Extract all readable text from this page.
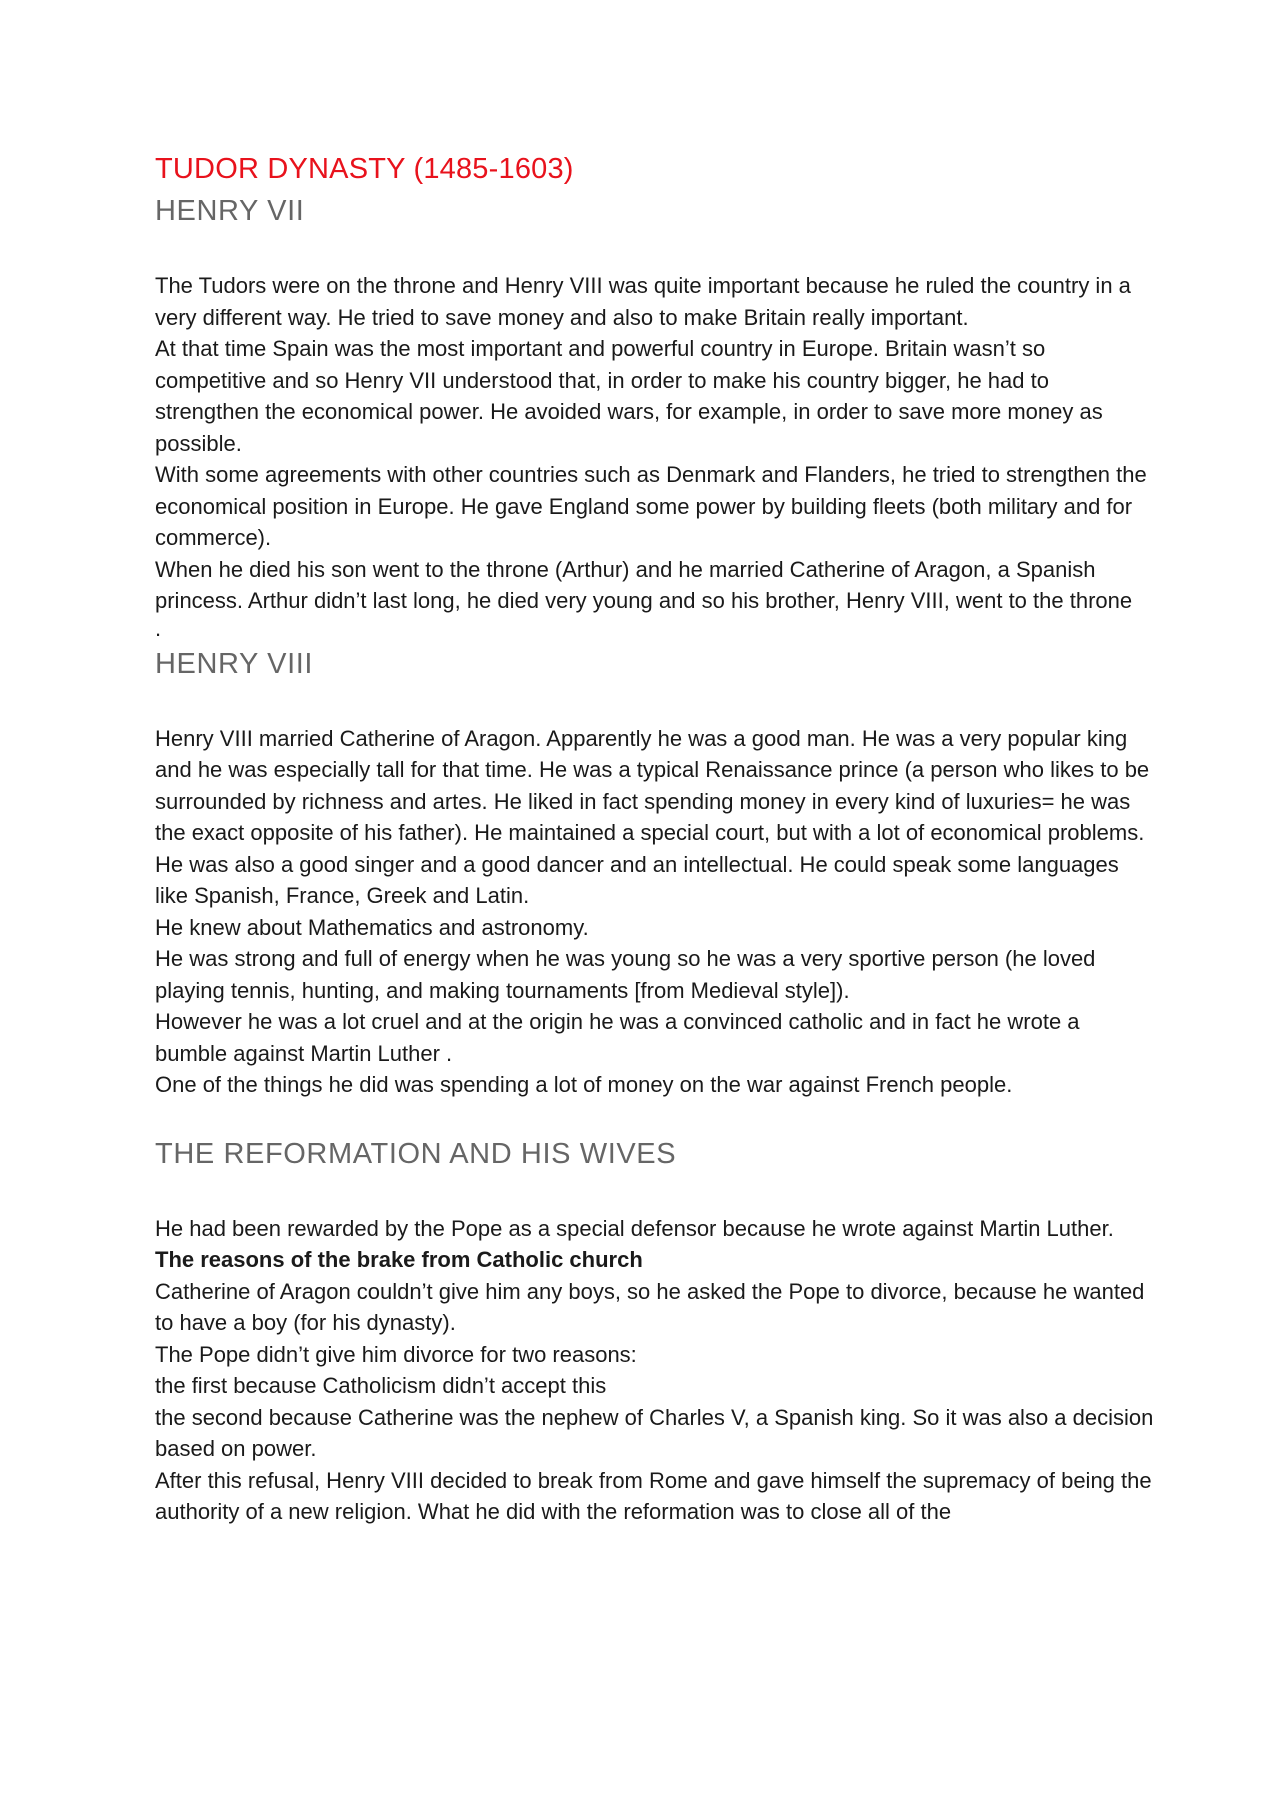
TUDOR DYNASTY (1485-1603)
HENRY VII

The Tudors were on the throne and Henry VIII was quite important because he ruled the country in a very different way. He tried to save money and also to make Britain really important.

At that time Spain was the most important and powerful country in Europe. Britain wasn’t so competitive and so Henry VII understood that, in order to make his country bigger, he had to strengthen the economical power. He avoided wars, for example, in order to save more money as possible.

With some agreements with other countries such as Denmark and Flanders, he tried to strengthen the economical position in Europe. He gave England some power by building fleets (both military and for commerce).

When he died his son went to the throne (Arthur) and he married Catherine of Aragon, a Spanish princess. Arthur didn’t last long, he died very young and so his brother, Henry VIII, went to the throne

.

HENRY VIII

Henry VIII married Catherine of Aragon. Apparently he was a good man. He was a very popular king and he was especially tall for that time. He was a typical Renaissance prince (a person who likes to be surrounded by richness and artes. He liked in fact spending money in every kind of luxuries= he was the exact opposite of his father). He maintained a special court, but with a lot of economical problems.

He was also a good singer and a good dancer and an intellectual. He could speak some languages like Spanish, France, Greek and Latin.

He knew about Mathematics and astronomy.

He was strong and full of energy when he was young so he was a very sportive person (he loved playing tennis, hunting, and making tournaments [from Medieval style]).

However he was a lot cruel and at the origin he was a convinced catholic and in fact he wrote a bumble against Martin Luther .

One of the things he did was spending a lot of money on the war against French people.

THE REFORMATION AND HIS WIVES

He had been rewarded by the Pope as a special defensor because he wrote against Martin Luther.

The reasons of the brake from Catholic church

Catherine of Aragon couldn’t give him any boys, so he asked the Pope to divorce, because he wanted to have a boy (for his dynasty).

The Pope didn’t give him divorce for two reasons:

the first because Catholicism didn’t accept this

the second because Catherine was the nephew of Charles V, a Spanish king. So it was also a decision based on power.

After this refusal, Henry VIII decided to break from Rome and gave himself the supremacy of being the authority of a new religion. What he did with the reformation was to close all of the
